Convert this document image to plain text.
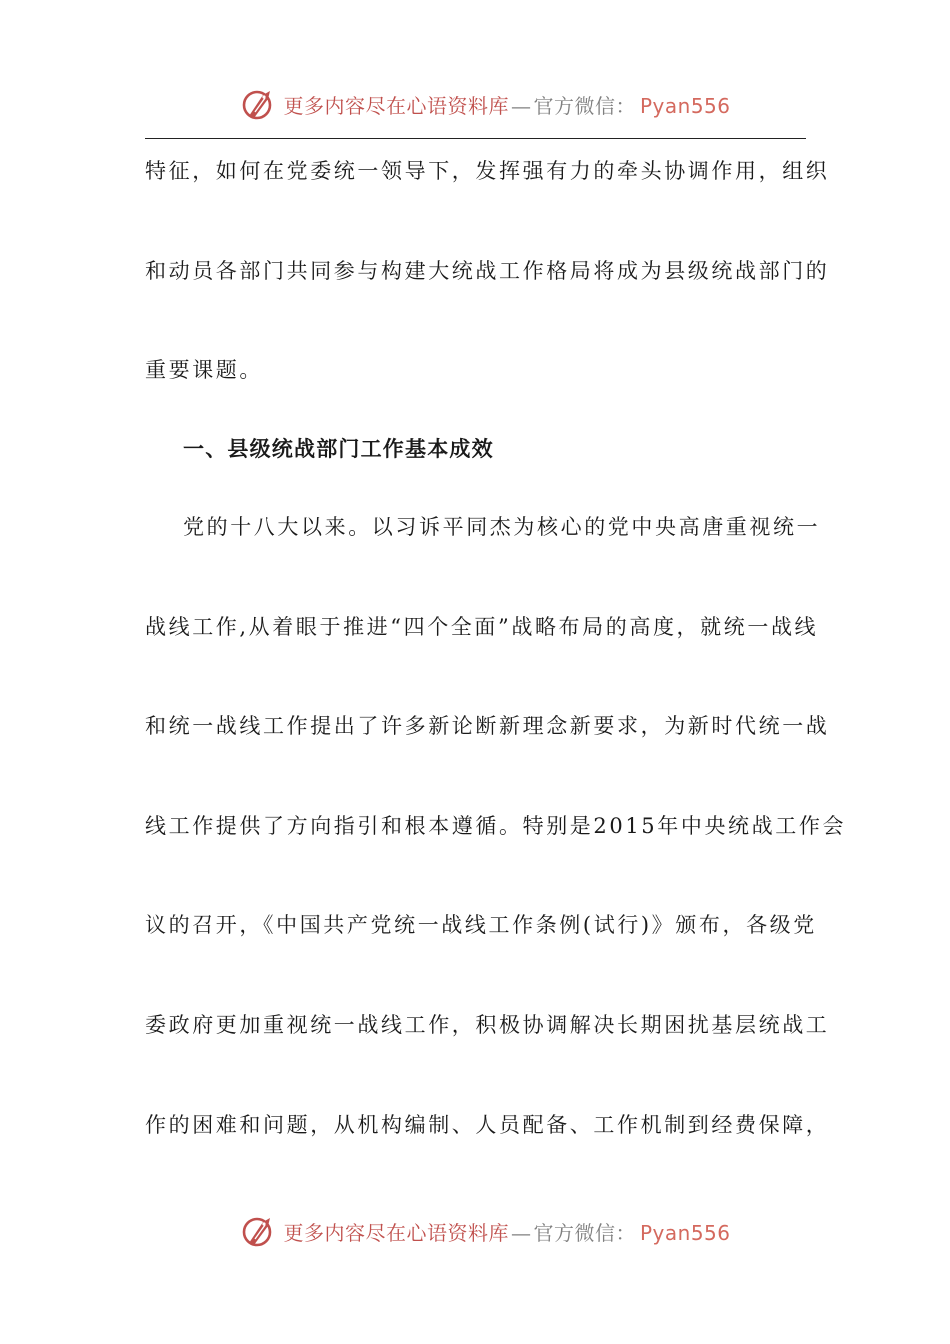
更多内容尽在心语资料库 — 官方微信： Pyan556
特征，如何在党委统一领导下，发挥强有力的牵头协调作用，组织
和动员各部门共同参与构建大统战工作格局将成为县级统战部门的
重要课题。
一、县级统战部门工作基本成效
党的十八大以来。以习诉平同杰为核心的党中央高唐重视统一
战线工作,从着眼于推进“四个全面”战略布局的高度，就统一战线
和统一战线工作提出了许多新论断新理念新要求，为新时代统一战
线工作提供了方向指引和根本遵循。特别是2015年中央统战工作会
议的召开，《中国共产党统一战线工作条例(试行)》颁布，各级党
委政府更加重视统一战线工作，积极协调解决长期困扰基层统战工
作的困难和问题，从机构编制、人员配备、工作机制到经费保障，
更多内容尽在心语资料库 — 官方微信： Pyan556
